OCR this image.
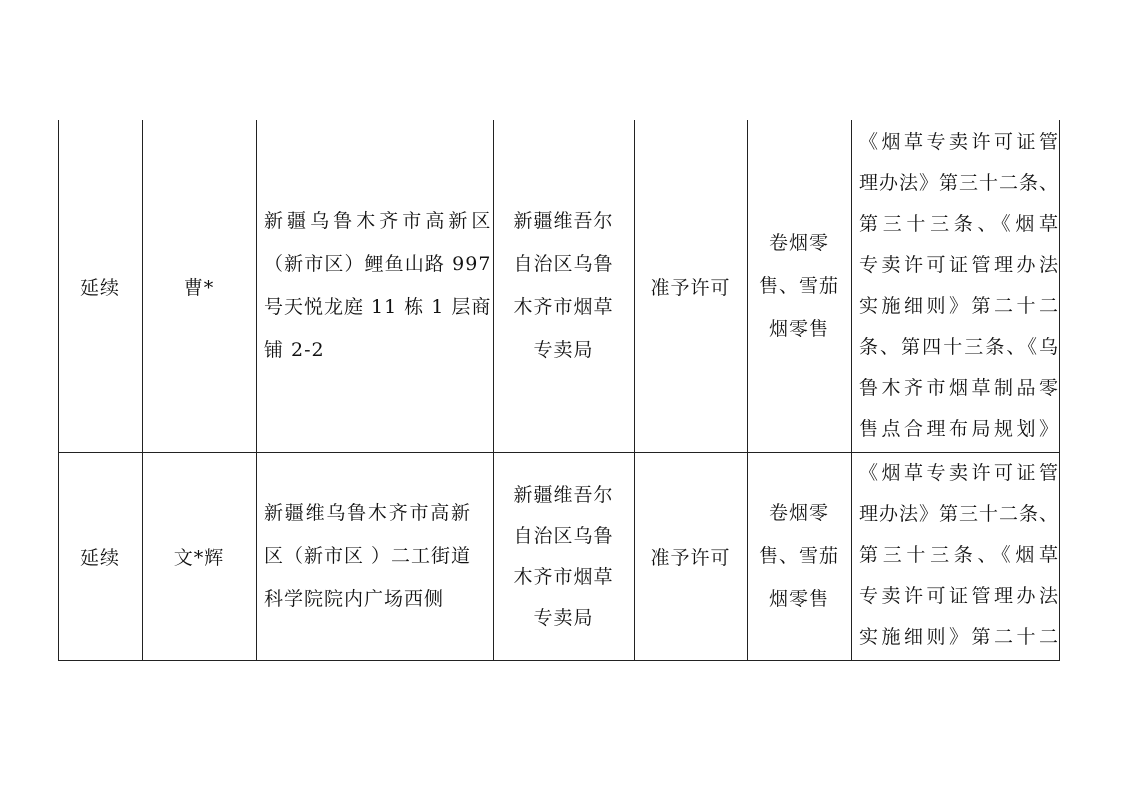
延续	曹*
新疆乌鲁木齐市高新区
（新市区）鲤鱼山路 997
号天悦龙庭 11 栋 1 层商
铺 2-2
新疆维吾尔
自治区乌鲁
木齐市烟草
专卖局
准予许可
卷烟零
售、雪茄
烟零售
《烟草专卖许可证管
理办法》第三十二条、
第三十三条、《烟草
专卖许可证管理办法
实施细则》第二十二
条、第四十三条、《乌
鲁木齐市烟草制品零
售点合理布局规划》
延续	文*辉
新疆维乌鲁木齐市高新
区（新市区 ）二工街道
科学院院内广场西侧
新疆维吾尔
自治区乌鲁
木齐市烟草
专卖局
准予许可
卷烟零
售、雪茄
烟零售
《烟草专卖许可证管
理办法》第三十二条、
第三十三条、《烟草
专卖许可证管理办法
实施细则》第二十二
